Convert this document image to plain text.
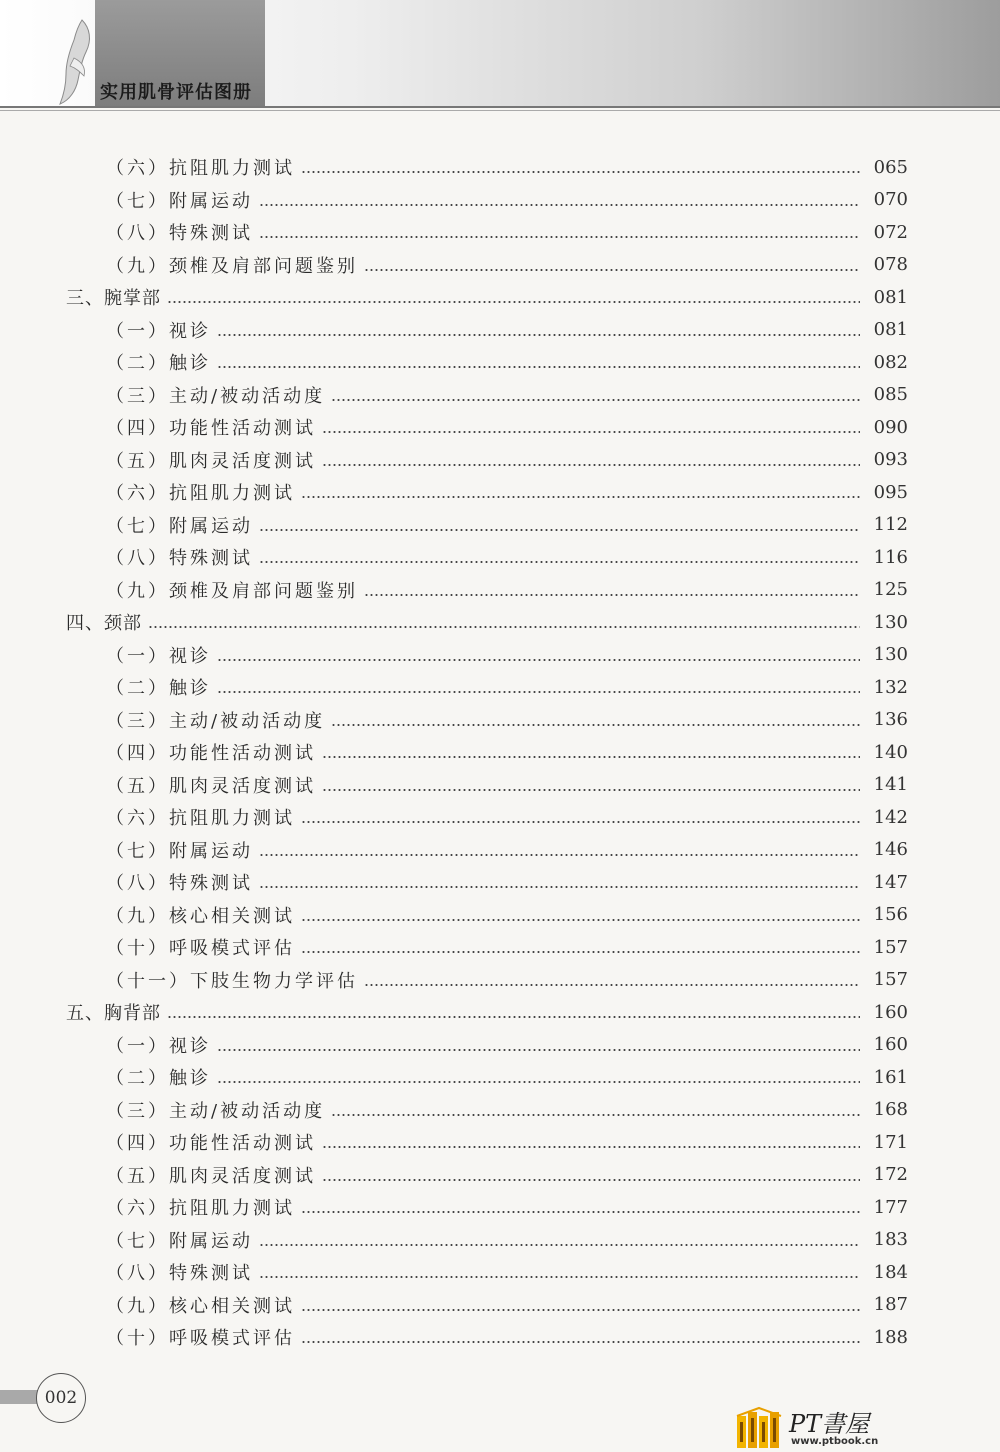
实用肌骨评估图册
（六）抗阻肌力测试	065
（七）附属运动	070
（八）特殊测试	072
（九）颈椎及肩部问题鉴别	078
三、腕掌部	081
（一）视诊	081
（二）触诊	082
（三）主动/被动活动度	085
（四）功能性活动测试	090
（五）肌肉灵活度测试	093
（六）抗阻肌力测试	095
（七）附属运动	112
（八）特殊测试	116
（九）颈椎及肩部问题鉴别	125
四、颈部	130
（一）视诊	130
（二）触诊	132
（三）主动/被动活动度	136
（四）功能性活动测试	140
（五）肌肉灵活度测试	141
（六）抗阻肌力测试	142
（七）附属运动	146
（八）特殊测试	147
（九）核心相关测试	156
（十）呼吸模式评估	157
（十一）下肢生物力学评估	157
五、胸背部	160
（一）视诊	160
（二）触诊	161
（三）主动/被动活动度	168
（四）功能性活动测试	171
（五）肌肉灵活度测试	172
（六）抗阻肌力测试	177
（七）附属运动	183
（八）特殊测试	184
（九）核心相关测试	187
（十）呼吸模式评估	188
002
PT書屋
www.ptbook.cn
